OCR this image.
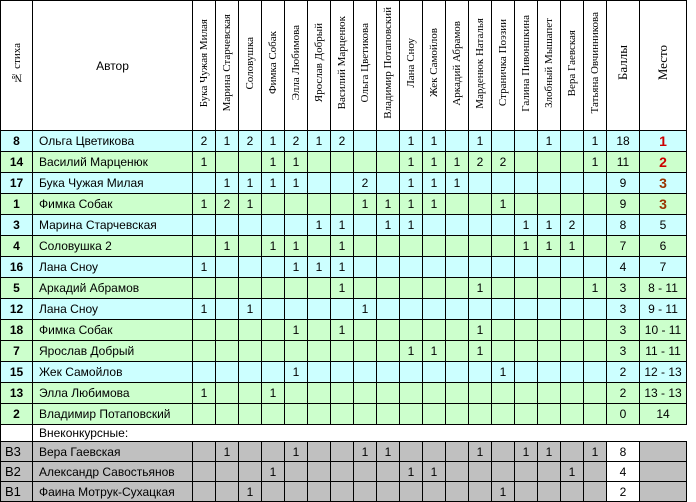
№ стиха	Автор	Бука Чужая Милая	Марина Старчевская	Соловушка	Фимка Собак	Элла Любимова	Ярослав Добрый	Василий Марценюк	Ольга Цветикова	Владимир Потаповский	Лана Сноу	Жек Самойлов	Аркадий Абрамов	Марденюк Наталья	Страничка Поэзии	Галина Пивоншкина	Злобный Мышапет	Вера Гаевская	Татьяна Овчинникова	Баллы	Место
8	Ольга Цветикова	2	1	2	1	2	1	2			1	1		1			1		1	18	1
14	Василий Марценюк	1			1	1					1	1	1	2	2				1	11	2
17	Бука Чужая Милая		1	1	1	1			2		1	1	1							9	3
1	Фимка Собак	1	2	1					1	1	1	1			1					9	3
3	Марина Старчевская						1	1		1	1					1	1	2		8	5
4	Соловушка 2		1		1	1		1								1	1	1		7	6
16	Лана Сноу	1				1	1	1												4	7
5	Аркадий Абрамов							1						1					1	3	8 - 11
12	Лана Сноу	1		1					1											3	9 - 11
18	Фимка Собак					1		1						1						3	10 - 11
7	Ярослав Добрый										1	1		1						3	11 - 11
15	Жек Самойлов					1									1					2	12 - 13
13	Элла Любимова	1			1															2	13 - 13
2	Владимир Потаповский																			0	14
	Внеконкурсные:																				
В3	Вера Гаевская		1			1			1	1				1		1	1		1	8	
В2	Александр Савостьянов				1						1	1						1		4	
В1	Фаина Мотрук-Сухацкая			1											1					2	
